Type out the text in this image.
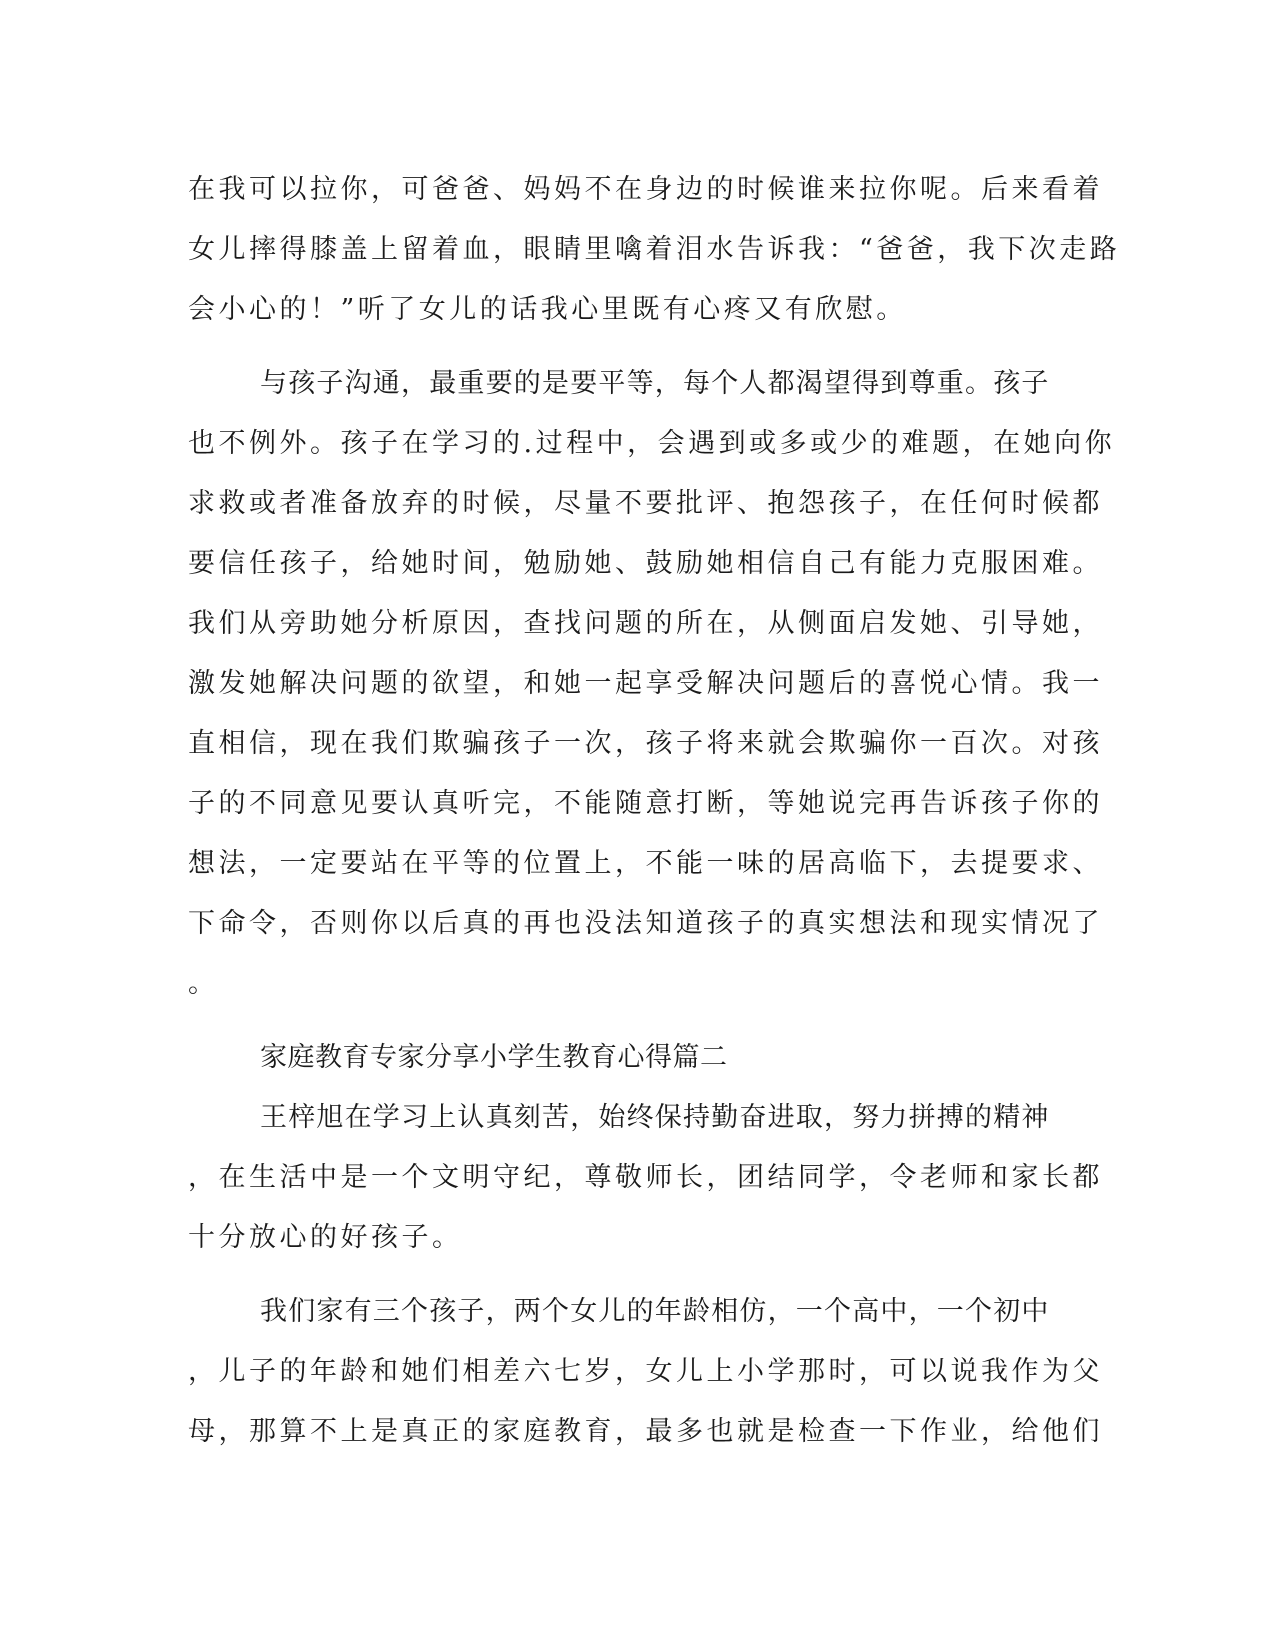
在我可以拉你，可爸爸、妈妈不在身边的时候谁来拉你呢。后来看着
女儿摔得膝盖上留着血，眼睛里噙着泪水告诉我：“爸爸，我下次走路
会小心的！”听了女儿的话我心里既有心疼又有欣慰。
与孩子沟通，最重要的是要平等，每个人都渴望得到尊重。孩子
也不例外。孩子在学习的.过程中，会遇到或多或少的难题，在她向你
求救或者准备放弃的时候，尽量不要批评、抱怨孩子，在任何时候都
要信任孩子，给她时间，勉励她、鼓励她相信自己有能力克服困难。
我们从旁助她分析原因，查找问题的所在，从侧面启发她、引导她，
激发她解决问题的欲望，和她一起享受解决问题后的喜悦心情。我一
直相信，现在我们欺骗孩子一次，孩子将来就会欺骗你一百次。对孩
子的不同意见要认真听完，不能随意打断，等她说完再告诉孩子你的
想法，一定要站在平等的位置上，不能一味的居高临下，去提要求、
下命令，否则你以后真的再也没法知道孩子的真实想法和现实情况了
。
家庭教育专家分享小学生教育心得篇二
王梓旭在学习上认真刻苦，始终保持勤奋进取，努力拼搏的精神
，在生活中是一个文明守纪，尊敬师长，团结同学，令老师和家长都
十分放心的好孩子。
我们家有三个孩子，两个女儿的年龄相仿，一个高中，一个初中
，儿子的年龄和她们相差六七岁，女儿上小学那时，可以说我作为父
母，那算不上是真正的家庭教育，最多也就是检查一下作业，给他们
